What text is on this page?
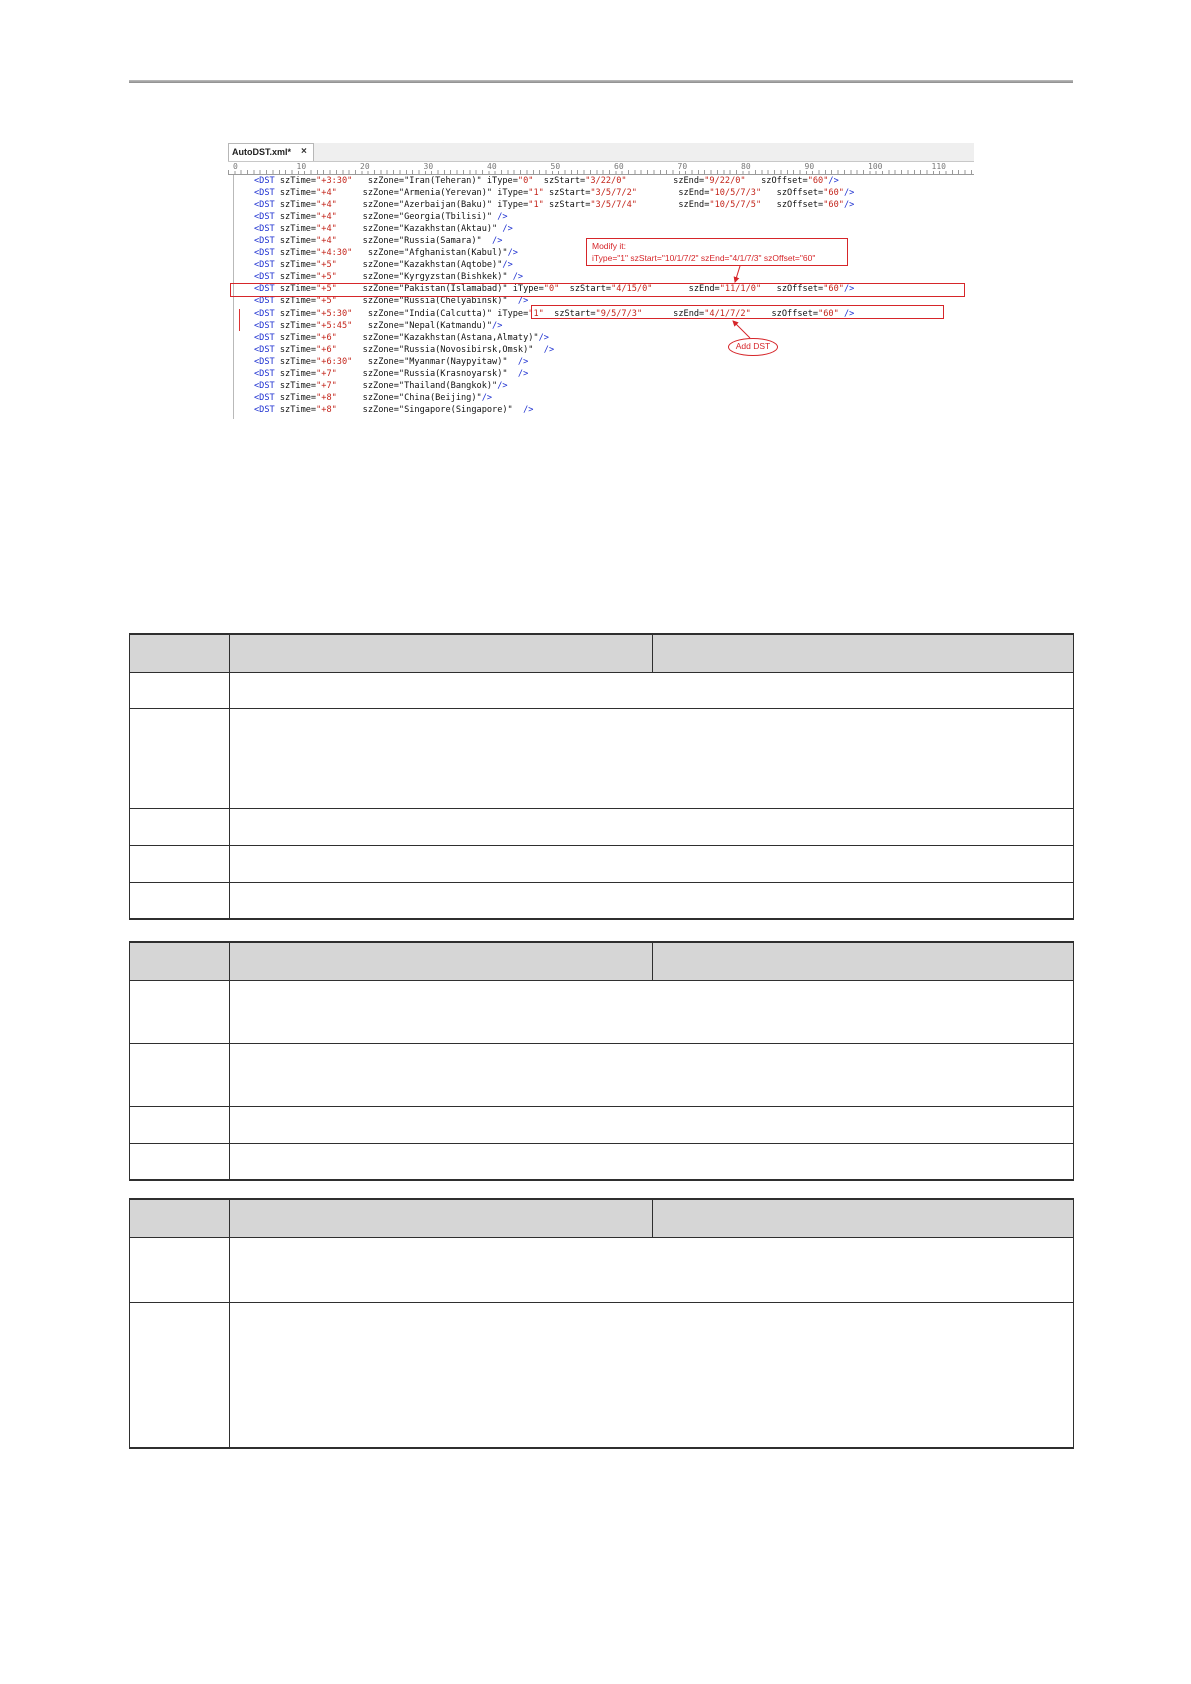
AutoDST.xml* ×
0	10	20	30	40	50	60	70	80	90	100	110
<DST szTime="+3:30"   szZone="Iran(Teheran)" iType="0"  szStart="3/22/0"         szEnd="9/22/0"   szOffset="60"/>
<DST szTime="+4"     szZone="Armenia(Yerevan)" iType="1" szStart="3/5/7/2"        szEnd="10/5/7/3"   szOffset="60"/>
<DST szTime="+4"     szZone="Azerbaijan(Baku)" iType="1" szStart="3/5/7/4"        szEnd="10/5/7/5"   szOffset="60"/>
<DST szTime="+4"     szZone="Georgia(Tbilisi)" />
<DST szTime="+4"     szZone="Kazakhstan(Aktau)" />
<DST szTime="+4"     szZone="Russia(Samara)"  />
<DST szTime="+4:30"   szZone="Afghanistan(Kabul)"/>
<DST szTime="+5"     szZone="Kazakhstan(Aqtobe)"/>
<DST szTime="+5"     szZone="Kyrgyzstan(Bishkek)" />
<DST szTime="+5"     szZone="Pakistan(Islamabad)" iType="0"  szStart="4/15/0"       szEnd="11/1/0"   szOffset="60"/>
<DST szTime="+5"     szZone="Russia(Chelyabinsk)"  />
<DST szTime="+5:30"   szZone="India(Calcutta)" iType="1"  szStart="9/5/7/3"      szEnd="4/1/7/2"    szOffset="60" />
<DST szTime="+5:45"   szZone="Nepal(Katmandu)"/>
<DST szTime="+6"     szZone="Kazakhstan(Astana,Almaty)"/>
<DST szTime="+6"     szZone="Russia(Novosibirsk,Omsk)"  />
<DST szTime="+6:30"   szZone="Myanmar(Naypyitaw)"  />
<DST szTime="+7"     szZone="Russia(Krasnoyarsk)"  />
<DST szTime="+7"     szZone="Thailand(Bangkok)"/>
<DST szTime="+8"     szZone="China(Beijing)"/>
<DST szTime="+8"     szZone="Singapore(Singapore)"  />
Modify it:
iType="1" szStart="10/1/7/2" szEnd="4/1/7/3" szOffset="60"
Add DST
